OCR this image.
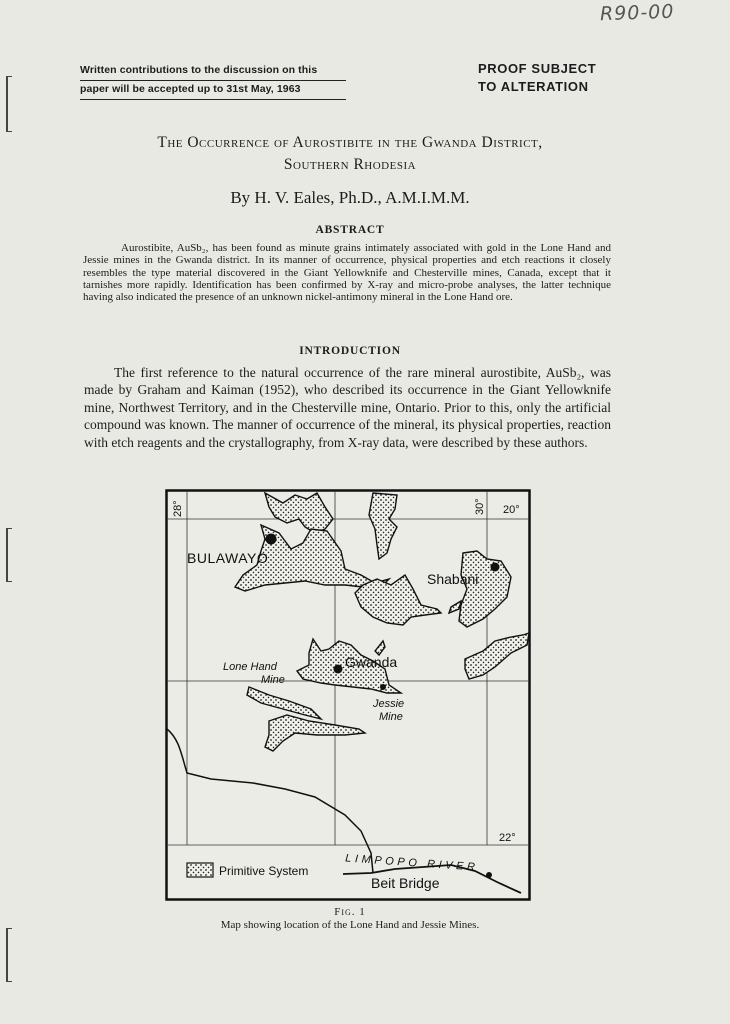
R90-00
Written contributions to the discussion on this
paper will be accepted up to 31st May, 1963
PROOF SUBJECT
TO ALTERATION
The Occurrence of Aurostibite in the Gwanda District,
Southern Rhodesia
By H. V. Eales, Ph.D., A.M.I.M.M.
ABSTRACT

Aurostibite, AuSb₂, has been found as minute grains intimately associated with gold in the Lone Hand and Jessie mines in the Gwanda district. In its manner of occurrence, physical properties and etch reactions it closely resembles the type material discovered in the Giant Yellowknife and Chesterville mines, Canada, except that it tarnishes more rapidly. Identification has been confirmed by X-ray and micro-probe analyses, the latter technique having also indicated the presence of an unknown nickel-antimony mineral in the Lone Hand ore.

INTRODUCTION

The first reference to the natural occurrence of the rare mineral aurostibite, AuSb₂, was made by Graham and Kaiman (1952), who described its occurrence in the Giant Yellowknife mine, Northwest Territory, and in the Chesterville mine, Ontario. Prior to this, only the artificial compound was known. The manner of occurrence of the mineral, its physical properties, reaction with etch reagents and the crystallography, from X-ray data, were described by these authors.

28°	30° 20°
22°
BULAWAYO
Shabani
Gwanda
Lone Hand
Mine
Jessie
Mine
LIMPOPO RIVER
Beit Bridge
Primitive System
Fig. 1
Map showing location of the Lone Hand and Jessie Mines.
